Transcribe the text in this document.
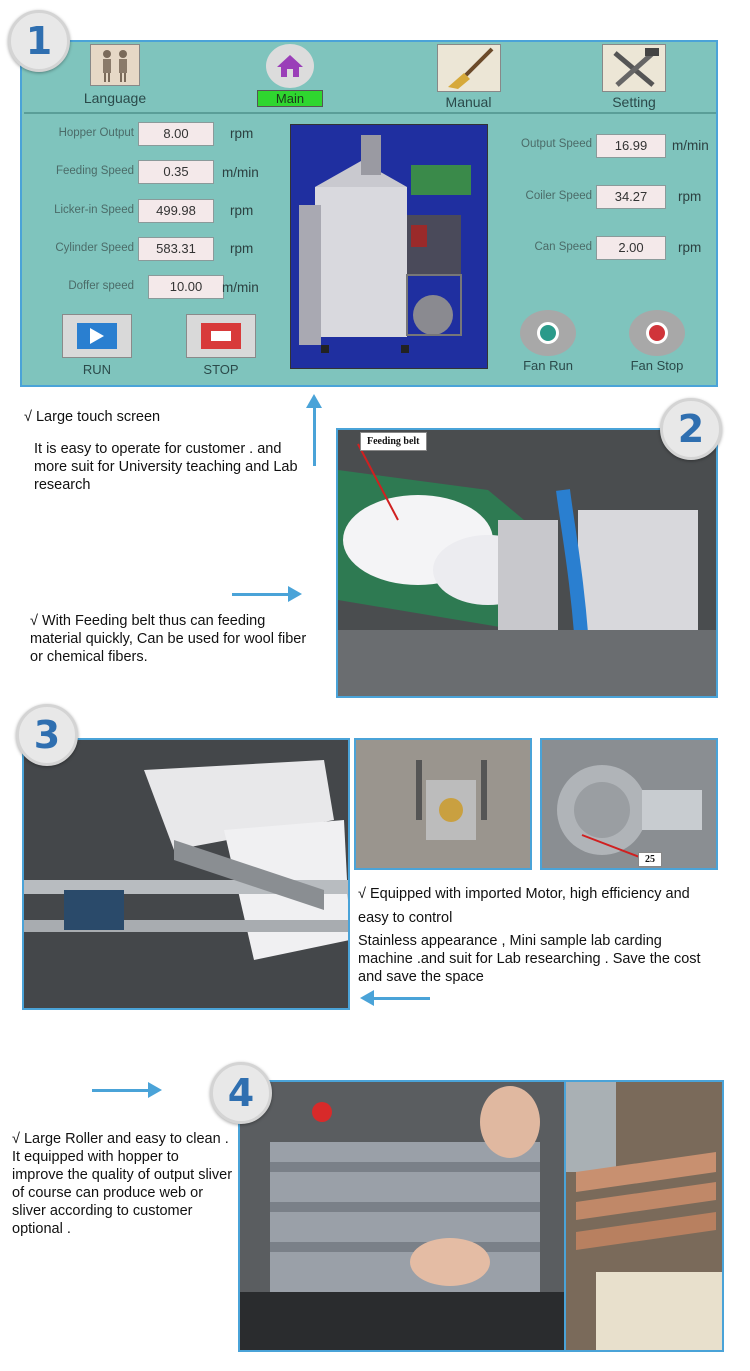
1
Language	Main	Manual	Setting
Hopper Output	8.00	rpm
Feeding Speed	0.35	m/min
Licker-in Speed	499.98	rpm
Cylinder Speed	583.31	rpm
Doffer speed	10.00	m/min
Output Speed	16.99	m/min
Coiler Speed	34.27	rpm
Can Speed	2.00	rpm
RUN	STOP	Fan Run	Fan Stop
√ Large touch screen
It is easy to operate for customer . and more suit for University teaching and Lab research
Feeding belt	2
√ With Feeding belt thus can feeding material quickly, Can be used for wool fiber or chemical fibers.
3
25
√ Equipped with imported Motor, high efficiency and easy to control
Stainless appearance , Mini sample lab carding machine .and suit for Lab researching . Save the cost and save the space
4
√ Large Roller and easy to clean . It equipped with hopper to improve the quality of output sliver of course can produce web or sliver according to customer optional .
